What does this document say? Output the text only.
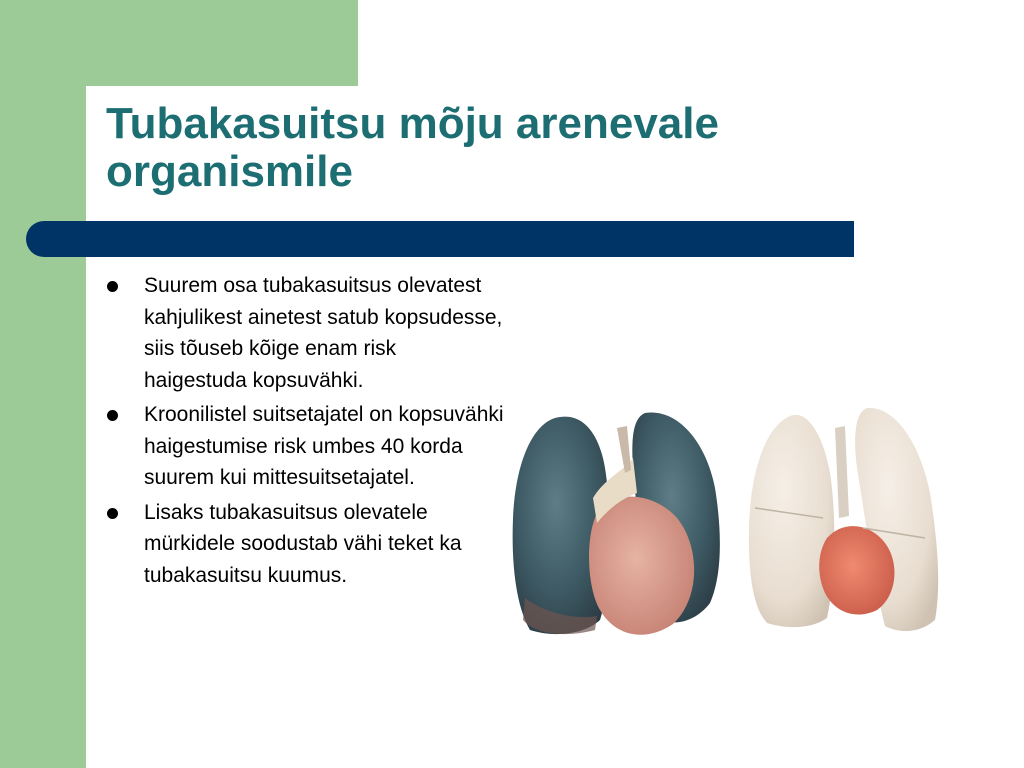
Tubakasuitsu mõju arenevale
organismile
Suurem osa tubakasuitsus olevatest kahjulikest ainetest satub kopsudesse, siis tõuseb kõige enam risk haigestuda kopsuvähki.
Kroonilistel suitsetajatel on kopsuvähki haigestumise risk umbes 40 korda suurem kui mittesuitsetajatel.
Lisaks tubakasuitsus olevatele mürkidele soodustab vähi teket ka tubakasuitsu kuumus.
